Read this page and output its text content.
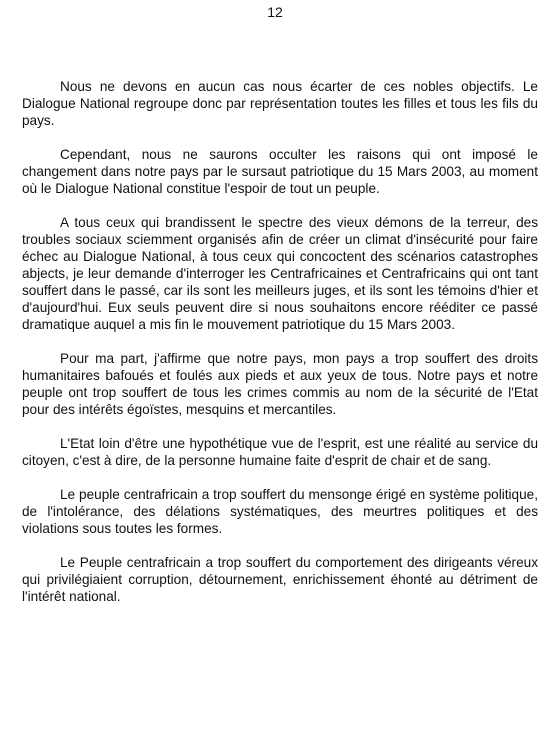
12

Nous ne devons en aucun cas nous écarter de ces nobles objectifs. Le Dialogue National regroupe donc par représentation toutes les filles et tous les fils du pays.

Cependant, nous ne saurons occulter les raisons qui ont imposé le changement dans notre pays par le sursaut patriotique du 15 Mars 2003, au moment où le Dialogue National constitue l'espoir de tout un peuple.

A tous ceux qui brandissent le spectre des vieux démons de la terreur, des troubles sociaux sciemment organisés afin de créer un climat d'insécurité pour faire échec au Dialogue National, à tous ceux qui concoctent des scénarios catastrophes abjects, je leur demande d'interroger les Centrafricaines et Centrafricains qui ont tant souffert dans le passé, car ils sont les meilleurs juges, et ils sont les témoins d'hier et d'aujourd'hui. Eux seuls peuvent dire si nous souhaitons encore rééditer ce passé dramatique auquel a mis fin le mouvement patriotique du 15 Mars 2003.

Pour ma part, j'affirme que notre pays, mon pays a trop souffert des droits humanitaires bafoués et foulés aux pieds et aux yeux de tous. Notre pays et notre peuple ont trop souffert de tous les crimes commis au nom de la sécurité de l'Etat pour des intérêts égoïstes, mesquins et mercantiles.

L'Etat loin d'être une hypothétique vue de l'esprit, est une réalité au service du citoyen, c'est à dire, de la personne humaine faite d'esprit de chair et de sang.

Le peuple centrafricain a trop souffert du mensonge érigé en système politique, de l'intolérance, des délations systématiques, des meurtres politiques et des violations sous toutes les formes.

Le Peuple centrafricain a trop souffert du comportement des dirigeants véreux qui privilégiaient corruption, détournement, enrichissement éhonté au détriment de l'intérêt national.
